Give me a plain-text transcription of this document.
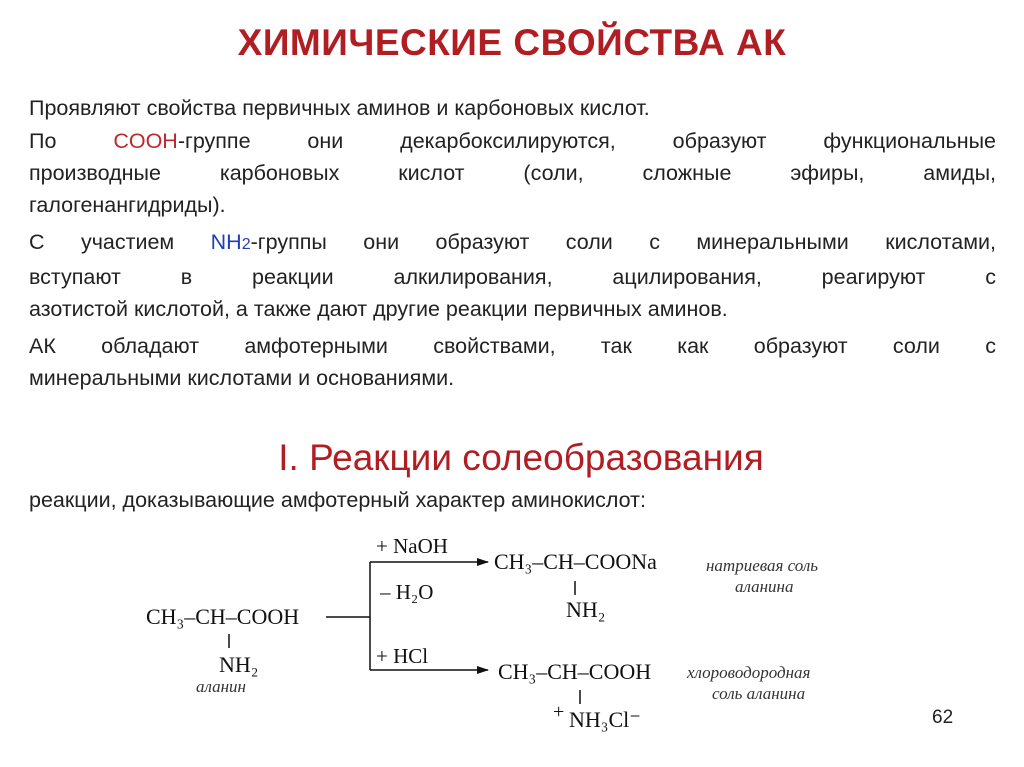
ХИМИЧЕСКИЕ СВОЙСТВА АК
Проявляют свойства первичных аминов и карбоновых кислот.
По COOH-группе они декарбоксилируются, образуют функциональные
производные карбоновых кислот (соли, сложные эфиры, амиды,
галогенангидриды).
С участием NH2-группы они образуют соли с минеральными кислотами,
вступают в реакции алкилирования, ацилирования, реагируют с
азотистой кислотой, а также дают другие реакции первичных аминов.
АК обладают амфотерными свойствами, так как образуют соли с
минеральными кислотами и основаниями.
I. Реакции солеобразования
реакции, доказывающие амфотерный характер аминокислот:
CH₃–CH–COOH
NH₂
аланин
+ NaOH
– H₂O
CH₃–CH–COONa
NH₂
натриевая соль
аланина
+ HCl
CH₃–CH–COOH
+ NH₃Cl⁻
хлороводородная
соль аланина
62
